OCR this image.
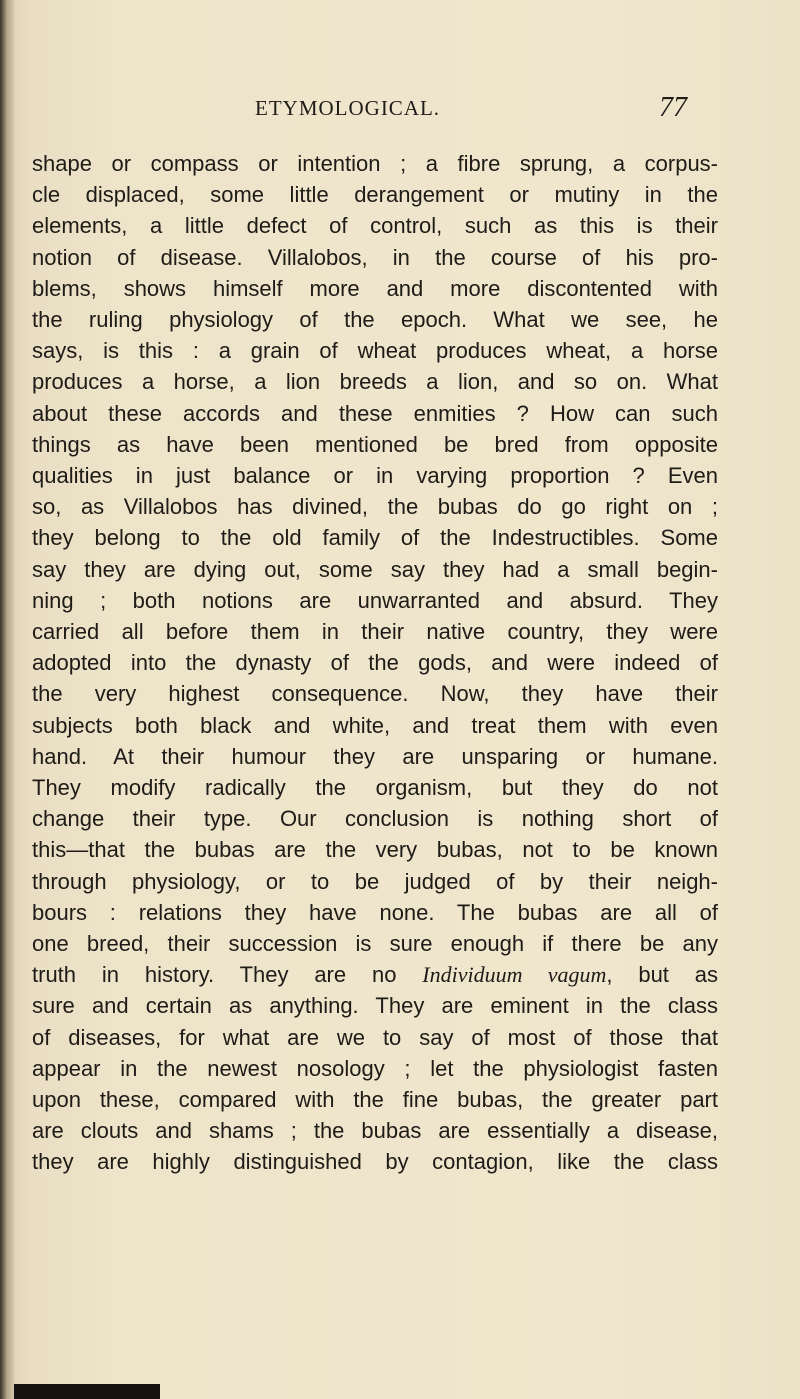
ETYMOLOGICAL.	77
shape or compass or intention ; a fibre sprung, a corpus-
cle displaced, some little derangement or mutiny in the
elements, a little defect of control, such as this is their
notion of disease. Villalobos, in the course of his pro-
blems, shows himself more and more discontented with
the ruling physiology of the epoch. What we see, he
says, is this : a grain of wheat produces wheat, a horse
produces a horse, a lion breeds a lion, and so on. What
about these accords and these enmities ? How can such
things as have been mentioned be bred from opposite
qualities in just balance or in varying proportion ? Even
so, as Villalobos has divined, the bubas do go right on ;
they belong to the old family of the Indestructibles. Some
say they are dying out, some say they had a small begin-
ning ; both notions are unwarranted and absurd. They
carried all before them in their native country, they were
adopted into the dynasty of the gods, and were indeed of
the very highest consequence. Now, they have their
subjects both black and white, and treat them with even
hand. At their humour they are unsparing or humane.
They modify radically the organism, but they do not
change their type. Our conclusion is nothing short of
this—that the bubas are the very bubas, not to be known
through physiology, or to be judged of by their neigh-
bours : relations they have none. The bubas are all of
one breed, their succession is sure enough if there be any
truth in history. They are no Individuum vagum, but as
sure and certain as anything. They are eminent in the class
of diseases, for what are we to say of most of those that
appear in the newest nosology ; let the physiologist fasten
upon these, compared with the fine bubas, the greater part
are clouts and shams ; the bubas are essentially a disease,
they are highly distinguished by contagion, like the class
